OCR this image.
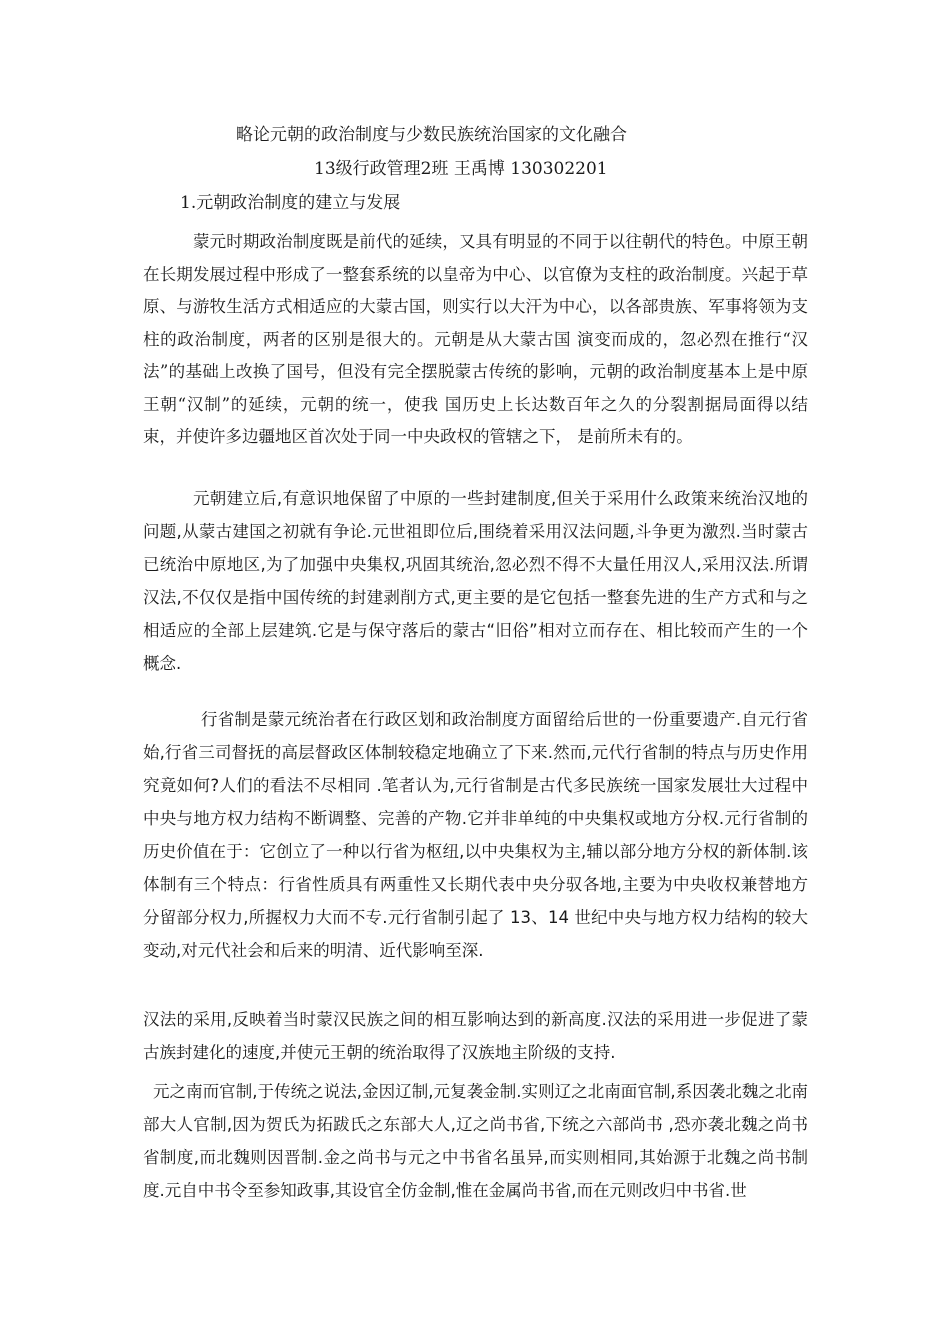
略论元朝的政治制度与少数民族统治国家的文化融合
13级行政管理2班 王禹博 130302201
1.元朝政治制度的建立与发展

蒙元时期政治制度既是前代的延续，又具有明显的不同于以往朝代的特色。中原王朝在长期发展过程中形成了一整套系统的以皇帝为中心、以官僚为支柱的政治制度。兴起于草原、与游牧生活方式相适应的大蒙古国，则实行以大汗为中心，以各部贵族、军事将领为支柱的政治制度，两者的区别是很大的。元朝是从大蒙古国 演变而成的，忽必烈在推行“汉法”的基础上改换了国号，但没有完全摆脱蒙古传统的影响，元朝的政治制度基本上是中原王朝“汉制”的延续，元朝的统一，使我 国历史上长达数百年之久的分裂割据局面得以结束，并使许多边疆地区首次处于同一中央政权的管辖之下， 是前所未有的。

元朝建立后,有意识地保留了中原的一些封建制度,但关于采用什么政策来统治汉地的问题,从蒙古建国之初就有争论.元世祖即位后,围绕着采用汉法问题,斗争更为激烈.当时蒙古已统治中原地区,为了加强中央集权,巩固其统治,忽必烈不得不大量任用汉人,采用汉法.所谓汉法,不仅仅是指中国传统的封建剥削方式,更主要的是它包括一整套先进的生产方式和与之相适应的全部上层建筑.它是与保守落后的蒙古“旧俗”相对立而存在、相比较而产生的一个概念.

行省制是蒙元统治者在行政区划和政治制度方面留给后世的一份重要遗产.自元行省始,行省三司督抚的高层督政区体制较稳定地确立了下来.然而,元代行省制的特点与历史作用究竟如何?人们的看法不尽相同 .笔者认为,元行省制是古代多民族统一国家发展壮大过程中中央与地方权力结构不断调整、完善的产物.它并非单纯的中央集权或地方分权.元行省制的历史价值在于：它创立了一种以行省为枢纽,以中央集权为主,辅以部分地方分权的新体制.该体制有三个特点：行省性质具有两重性又长期代表中央分驭各地,主要为中央收权兼替地方分留部分权力,所握权力大而不专.元行省制引起了 13、14 世纪中央与地方权力结构的较大变动,对元代社会和后来的明清、近代影响至深.

汉法的采用,反映着当时蒙汉民族之间的相互影响达到的新高度.汉法的采用进一步促进了蒙古族封建化的速度,并使元王朝的统治取得了汉族地主阶级的支持.

元之南而官制,于传统之说法,金因辽制,元复袭金制.实则辽之北南面官制,系因袭北魏之北南部大人官制,因为贺氏为拓跋氏之东部大人,辽之尚书省,下统之六部尚书 ,恐亦袭北魏之尚书省制度,而北魏则因晋制.金之尚书与元之中书省名虽异,而实则相同,其始源于北魏之尚书制度.元自中书令至参知政事,其设官全仿金制,惟在金属尚书省,而在元则改归中书省.世
